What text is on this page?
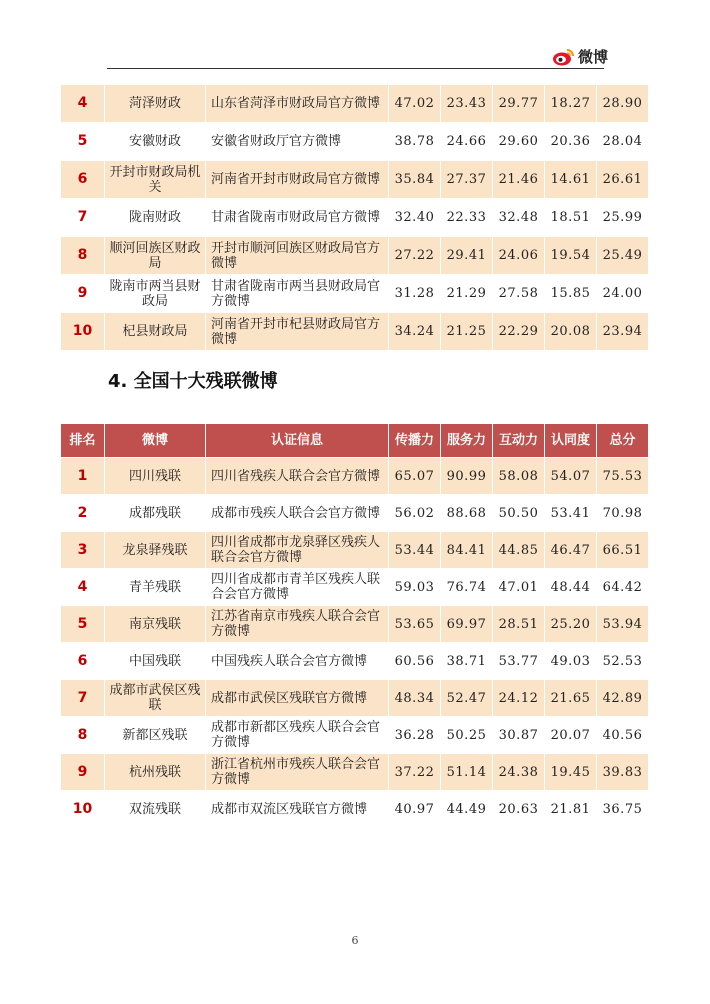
微博
4	菏泽财政	山东省菏泽市财政局官方微博	47.02	23.43	29.77	18.27	28.90
5	安徽财政	安徽省财政厅官方微博	38.78	24.66	29.60	20.36	28.04
6	开封市财政局机关	河南省开封市财政局官方微博	35.84	27.37	21.46	14.61	26.61
7	陇南财政	甘肃省陇南市财政局官方微博	32.40	22.33	32.48	18.51	25.99
8	顺河回族区财政局	开封市顺河回族区财政局官方微博	27.22	29.41	24.06	19.54	25.49
9	陇南市两当县财政局	甘肃省陇南市两当县财政局官方微博	31.28	21.29	27.58	15.85	24.00
10	杞县财政局	河南省开封市杞县财政局官方微博	34.24	21.25	22.29	20.08	23.94
4. 全国十大残联微博
排名	微博	认证信息	传播力	服务力	互动力	认同度	总分
1	四川残联	四川省残疾人联合会官方微博	65.07	90.99	58.08	54.07	75.53
2	成都残联	成都市残疾人联合会官方微博	56.02	88.68	50.50	53.41	70.98
3	龙泉驿残联	四川省成都市龙泉驿区残疾人联合会官方微博	53.44	84.41	44.85	46.47	66.51
4	青羊残联	四川省成都市青羊区残疾人联合会官方微博	59.03	76.74	47.01	48.44	64.42
5	南京残联	江苏省南京市残疾人联合会官方微博	53.65	69.97	28.51	25.20	53.94
6	中国残联	中国残疾人联合会官方微博	60.56	38.71	53.77	49.03	52.53
7	成都市武侯区残联	成都市武侯区残联官方微博	48.34	52.47	24.12	21.65	42.89
8	新都区残联	成都市新都区残疾人联合会官方微博	36.28	50.25	30.87	20.07	40.56
9	杭州残联	浙江省杭州市残疾人联合会官方微博	37.22	51.14	24.38	19.45	39.83
10	双流残联	成都市双流区残联官方微博	40.97	44.49	20.63	21.81	36.75
6
